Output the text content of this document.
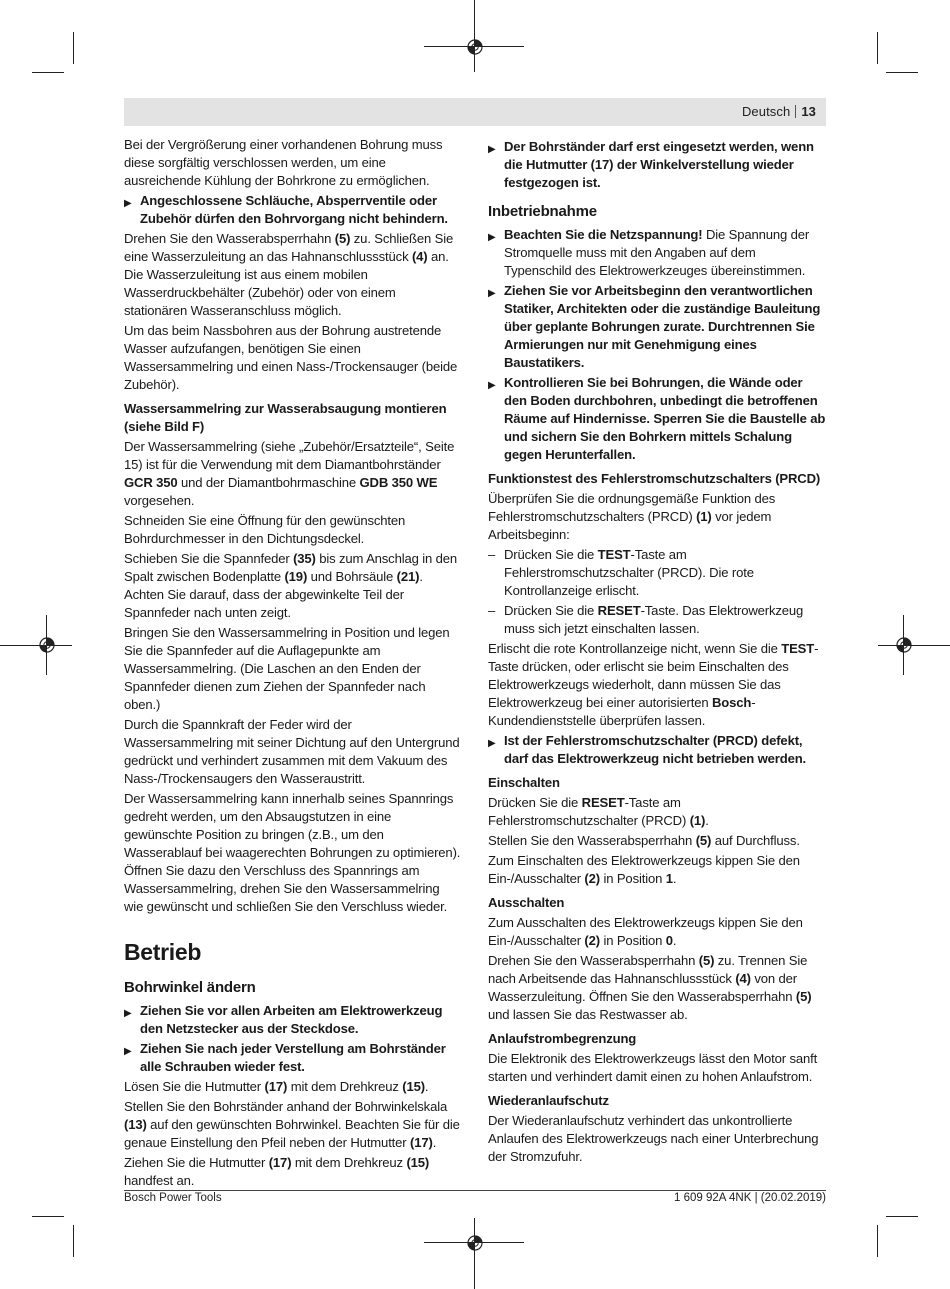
Deutsch 13

Bei der Vergrößerung einer vorhandenen Bohrung muss diese sorgfältig verschlossen werden, um eine ausreichende Kühlung der Bohrkrone zu ermöglichen.

▶ Angeschlossene Schläuche, Absperrventile oder Zubehör dürfen den Bohrvorgang nicht behindern.

Drehen Sie den Wasserabsperrhahn (5) zu. Schließen Sie eine Wasserzuleitung an das Hahnanschlussstück (4) an. Die Wasserzuleitung ist aus einem mobilen Wasserdruckbehälter (Zubehör) oder von einem stationären Wasseranschluss möglich.

Um das beim Nassbohren aus der Bohrung austretende Wasser aufzufangen, benötigen Sie einen Wassersammelring und einen Nass-/Trockensauger (beide Zubehör).

Wassersammelring zur Wasserabsaugung montieren (siehe Bild F)

Der Wassersammelring (siehe „Zubehör/Ersatzteile“, Seite 15) ist für die Verwendung mit dem Diamantbohrständer GCR 350 und der Diamantbohrmaschine GDB 350 WE vorgesehen.

Schneiden Sie eine Öffnung für den gewünschten Bohrdurchmesser in den Dichtungsdeckel.

Schieben Sie die Spannfeder (35) bis zum Anschlag in den Spalt zwischen Bodenplatte (19) und Bohrsäule (21). Achten Sie darauf, dass der abgewinkelte Teil der Spannfeder nach unten zeigt.

Bringen Sie den Wassersammelring in Position und legen Sie die Spannfeder auf die Auflagepunkte am Wassersammelring. (Die Laschen an den Enden der Spannfeder dienen zum Ziehen der Spannfeder nach oben.)

Durch die Spannkraft der Feder wird der Wassersammelring mit seiner Dichtung auf den Untergrund gedrückt und verhindert zusammen mit dem Vakuum des Nass-/Trockensaugers den Wasseraustritt.

Der Wassersammelring kann innerhalb seines Spannrings gedreht werden, um den Absaugstutzen in eine gewünschte Position zu bringen (z.B., um den Wasserablauf bei waagerechten Bohrungen zu optimieren). Öffnen Sie dazu den Verschluss des Spannrings am Wassersammelring, drehen Sie den Wassersammelring wie gewünscht und schließen Sie den Verschluss wieder.

Betrieb
Bohrwinkel ändern
▶ Ziehen Sie vor allen Arbeiten am Elektrowerkzeug den Netzstecker aus der Steckdose.
▶ Ziehen Sie nach jeder Verstellung am Bohrständer alle Schrauben wieder fest.

Lösen Sie die Hutmutter (17) mit dem Drehkreuz (15).

Stellen Sie den Bohrständer anhand der Bohrwinkelskala (13) auf den gewünschten Bohrwinkel. Beachten Sie für die genaue Einstellung den Pfeil neben der Hutmutter (17).

Ziehen Sie die Hutmutter (17) mit dem Drehkreuz (15) handfest an.

▶ Der Bohrständer darf erst eingesetzt werden, wenn die Hutmutter (17) der Winkelverstellung wieder festgezogen ist.
Inbetriebnahme
▶ Beachten Sie die Netzspannung! Die Spannung der Stromquelle muss mit den Angaben auf dem Typenschild des Elektrowerkzeuges übereinstimmen.
▶ Ziehen Sie vor Arbeitsbeginn den verantwortlichen Statiker, Architekten oder die zuständige Bauleitung über geplante Bohrungen zurate. Durchtrennen Sie Armierungen nur mit Genehmigung eines Baustatikers.
▶ Kontrollieren Sie bei Bohrungen, die Wände oder den Boden durchbohren, unbedingt die betroffenen Räume auf Hindernisse. Sperren Sie die Baustelle ab und sichern Sie den Bohrkern mittels Schalung gegen Herunterfallen.
Funktionstest des Fehlerstromschutzschalters (PRCD)

Überprüfen Sie die ordnungsgemäße Funktion des Fehlerstromschutzschalters (PRCD) (1) vor jedem Arbeitsbeginn:

– Drücken Sie die TEST-Taste am Fehlerstromschutzschalter (PRCD). Die rote Kontrollanzeige erlischt.
– Drücken Sie die RESET-Taste. Das Elektrowerkzeug muss sich jetzt einschalten lassen.

Erlischt die rote Kontrollanzeige nicht, wenn Sie die TEST-Taste drücken, oder erlischt sie beim Einschalten des Elektrowerkzeugs wiederholt, dann müssen Sie das Elektrowerkzeug bei einer autorisierten Bosch-Kundendienststelle überprüfen lassen.

▶ Ist der Fehlerstromschutzschalter (PRCD) defekt, darf das Elektrowerkzeug nicht betrieben werden.
Einschalten

Drücken Sie die RESET-Taste am Fehlerstromschutzschalter (PRCD) (1).

Stellen Sie den Wasserabsperrhahn (5) auf Durchfluss.

Zum Einschalten des Elektrowerkzeugs kippen Sie den Ein-/Ausschalter (2) in Position 1.

Ausschalten

Zum Ausschalten des Elektrowerkzeugs kippen Sie den Ein-/Ausschalter (2) in Position 0.

Drehen Sie den Wasserabsperrhahn (5) zu. Trennen Sie nach Arbeitsende das Hahnanschlussstück (4) von der Wasserzuleitung. Öffnen Sie den Wasserabsperrhahn (5) und lassen Sie das Restwasser ab.

Anlaufstrombegrenzung

Die Elektronik des Elektrowerkzeugs lässt den Motor sanft starten und verhindert damit einen zu hohen Anlaufstrom.

Wiederanlaufschutz

Der Wiederanlaufschutz verhindert das unkontrollierte Anlaufen des Elektrowerkzeugs nach einer Unterbrechung der Stromzufuhr.

Bosch Power Tools	1 609 92A 4NK | (20.02.2019)
